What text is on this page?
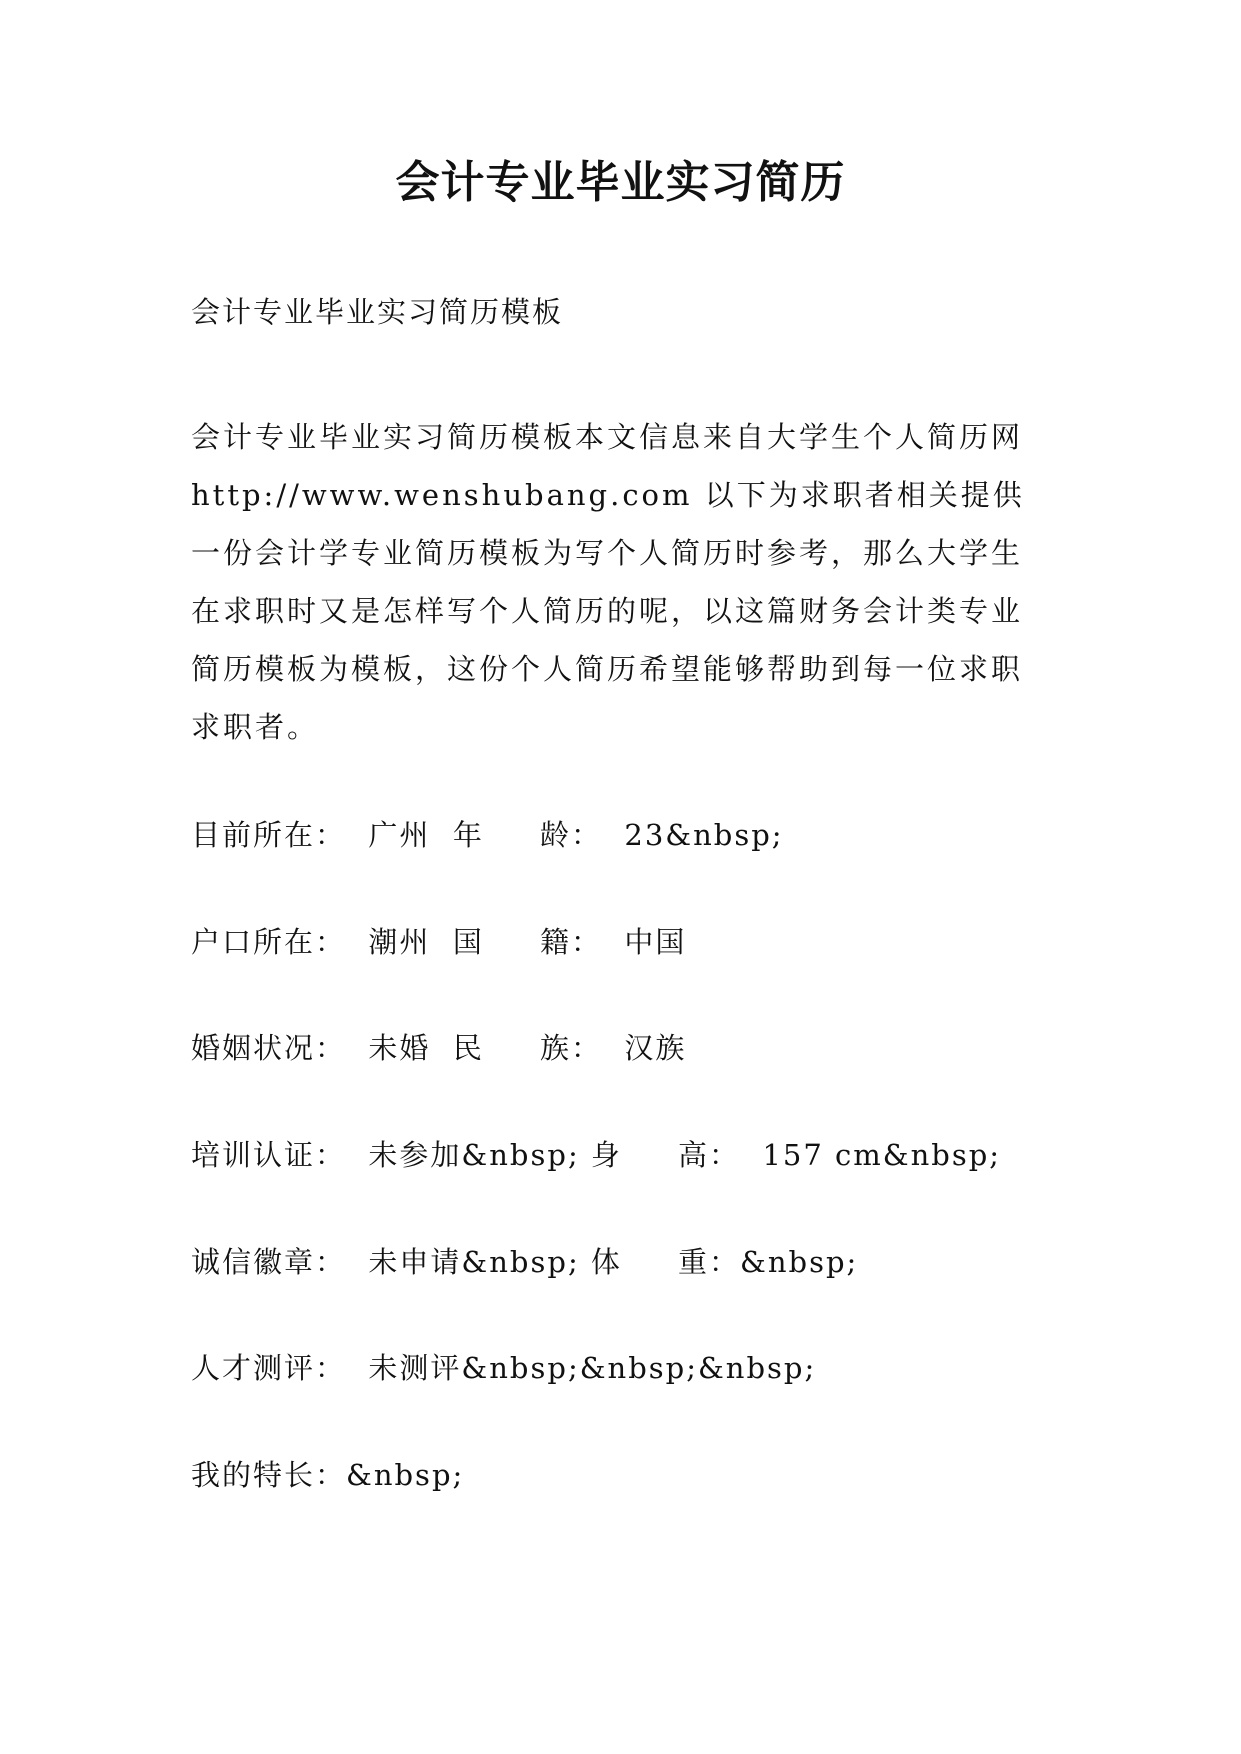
会计专业毕业实习简历
会计专业毕业实习简历模板

会计专业毕业实习简历模板本文信息来自大学生个人简历网 http://www.wenshubang.com 以下为求职者相关提供一份会计学专业简历模板为写个人简历时参考，那么大学生在求职时又是怎样写个人简历的呢，以这篇财务会计类专业简历模板为模板，这份个人简历希望能够帮助到每一位求职求职者。

目前所在：  广州  年     龄：  23&nbsp;
户口所在：  潮州  国     籍：  中国
婚姻状况：  未婚  民     族：  汉族
培训认证：  未参加&nbsp; 身     高：  157 cm&nbsp;
诚信徽章：  未申请&nbsp; 体     重：&nbsp;
人才测评：  未测评&nbsp;&nbsp;&nbsp;
我的特长：&nbsp;
